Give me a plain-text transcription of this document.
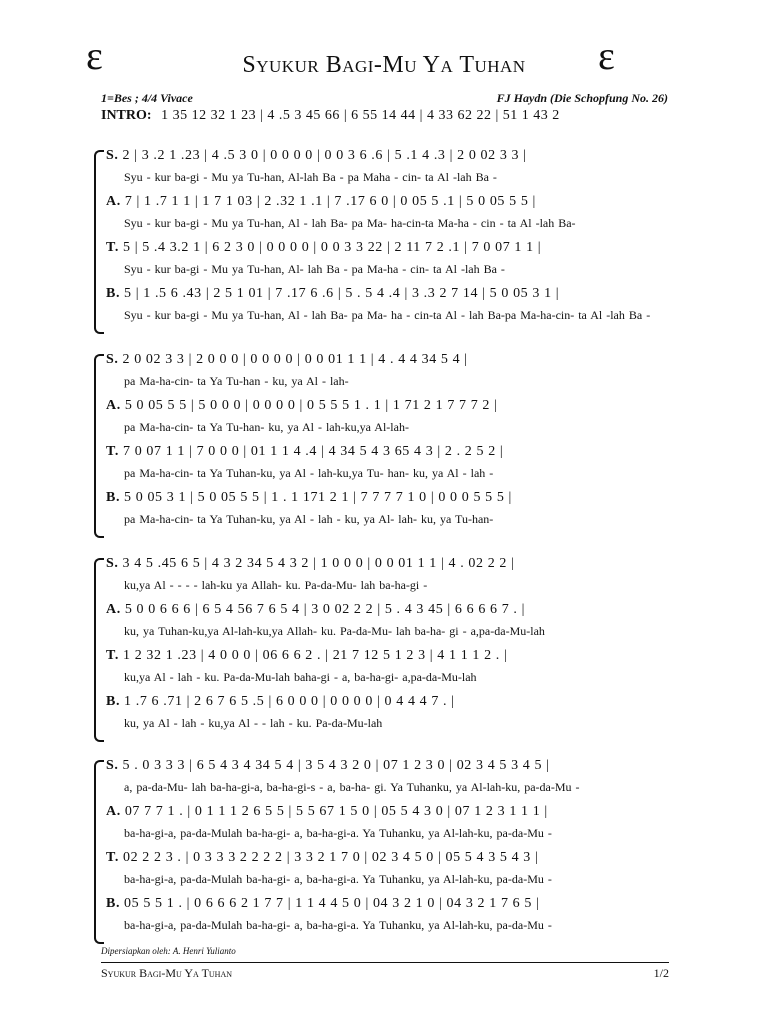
ɛ	Syukur Bagi-Mu Ya Tuhan	ɛ
1=Bes ; 4/4 Vivace	FJ Haydn (Die Schopfung No. 26)
INTRO: 1 35 12 32 1 23 | 4 .5 3 45 66 | 6 55 14 44 | 4 33 62 22 | 51 1 43 2
S. 2 | 3 .2 1 .23 | 4 .5 3 0 | 0 0 0 0 | 0 0 3 6 .6 | 5 .1 4 .3 | 2 0 02 3 3 |
Syu - kur ba-gi - Mu ya Tu-han, Al-lah Ba - pa Maha - cin- ta Al -lah Ba -
A. 7 | 1 .7 1 1 | 1 7 1 03 | 2 .32 1 .1 | 7 .17 6 0 | 0 05 5 .1 | 5 0 05 5 5 |
Syu - kur ba-gi - Mu ya Tu-han, Al - lah Ba- pa Ma- ha-cin-ta Ma-ha - cin - ta Al -lah Ba-
T. 5 | 5 .4 3.2 1 | 6 2 3 0 | 0 0 0 0 | 0 0 3 3 22 | 2 11 7 2 .1 | 7 0 07 1 1 |
Syu - kur ba-gi - Mu ya Tu-han, Al- lah Ba - pa Ma-ha - cin- ta Al -lah Ba -
B. 5 | 1 .5 6 .43 | 2 5 1 01 | 7 .17 6 .6 | 5 . 5 4 .4 | 3 .3 2 7 14 | 5 0 05 3 1 |
Syu - kur ba-gi - Mu ya Tu-han, Al - lah Ba- pa Ma- ha - cin-ta Al - lah Ba-pa Ma-ha-cin- ta Al -lah Ba -
S. 2 0 02 3 3 | 2 0 0 0 | 0 0 0 0 | 0 0 01 1 1 | 4 . 4 4 34 5 4 |
pa Ma-ha-cin- ta Ya Tu-han - ku, ya Al - lah-
A. 5 0 05 5 5 | 5 0 0 0 | 0 0 0 0 | 0 5 5 5 1 . 1 | 1 71 2 1 7 7 7 2 |
pa Ma-ha-cin- ta Ya Tu-han- ku, ya Al - lah-ku,ya Al-lah-
T. 7 0 07 1 1 | 7 0 0 0 | 01 1 1 4 .4 | 4 34 5 4 3 65 4 3 | 2 . 2 5 2 |
pa Ma-ha-cin- ta Ya Tuhan-ku, ya Al - lah-ku,ya Tu- han- ku, ya Al - lah -
B. 5 0 05 3 1 | 5 0 05 5 5 | 1 . 1 171 2 1 | 7 7 7 7 1 0 | 0 0 0 5 5 5 |
pa Ma-ha-cin- ta Ya Tuhan-ku, ya Al - lah - ku, ya Al- lah- ku, ya Tu-han-
S. 3 4 5 .45 6 5 | 4 3 2 34 5 4 3 2 | 1 0 0 0 | 0 0 01 1 1 | 4 . 02 2 2 |
ku,ya Al - - - - lah-ku ya Allah- ku. Pa-da-Mu- lah ba-ha-gi -
A. 5 0 0 6 6 6 | 6 5 4 56 7 6 5 4 | 3 0 02 2 2 | 5 . 4 3 45 | 6 6 6 6 7 . |
ku, ya Tuhan-ku,ya Al-lah-ku,ya Allah- ku. Pa-da-Mu- lah ba-ha- gi - a,pa-da-Mu-lah
T. 1 2 32 1 .23 | 4 0 0 0 | 06 6 6 2 . | 21 7 12 5 1 2 3 | 4 1 1 1 2 . |
ku,ya Al - lah - ku. Pa-da-Mu-lah baha-gi - a, ba-ha-gi- a,pa-da-Mu-lah
B. 1 .7 6 .71 | 2 6 7 6 5 .5 | 6 0 0 0 | 0 0 0 0 | 0 4 4 4 7 . |
ku, ya Al - lah - ku,ya Al - - lah - ku. Pa-da-Mu-lah
S. 5 . 0 3 3 3 | 6 5 4 3 4 34 5 4 | 3 5 4 3 2 0 | 07 1 2 3 0 | 02 3 4 5 3 4 5 |
a, pa-da-Mu- lah ba-ha-gi-a, ba-ha-gi-s - a, ba-ha- gi. Ya Tuhanku, ya Al-lah-ku, pa-da-Mu -
A. 07 7 7 1 . | 0 1 1 1 2 6 5 5 | 5 5 67 1 5 0 | 05 5 4 3 0 | 07 1 2 3 1 1 1 |
ba-ha-gi-a, pa-da-Mulah ba-ha-gi- a, ba-ha-gi-a. Ya Tuhanku, ya Al-lah-ku, pa-da-Mu -
T. 02 2 2 3 . | 0 3 3 3 2 2 2 2 | 3 3 2 1 7 0 | 02 3 4 5 0 | 05 5 4 3 5 4 3 |
ba-ha-gi-a, pa-da-Mulah ba-ha-gi- a, ba-ha-gi-a. Ya Tuhanku, ya Al-lah-ku, pa-da-Mu -
B. 05 5 5 1 . | 0 6 6 6 2 1 7 7 | 1 1 4 4 5 0 | 04 3 2 1 0 | 04 3 2 1 7 6 5 |
ba-ha-gi-a, pa-da-Mulah ba-ha-gi- a, ba-ha-gi-a. Ya Tuhanku, ya Al-lah-ku, pa-da-Mu -
Dipersiapkan oleh: A. Henri Yulianto
Syukur Bagi-Mu Ya Tuhan	1/2
